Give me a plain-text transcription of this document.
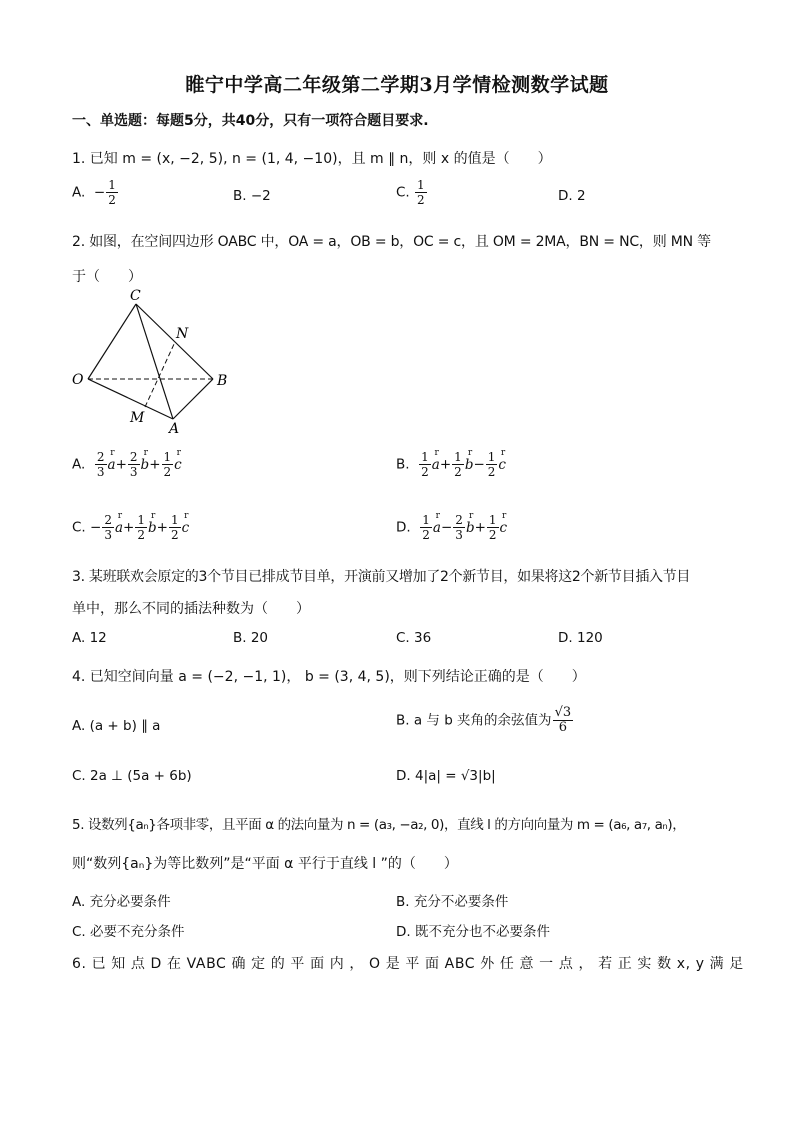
睢宁中学高二年级第二学期3月学情检测数学试题
一、单选题：每题5分，共40分，只有一项符合题目要求.
1. 已知 m = (x, −2, 5), n = (1, 4, −10)，且 m ∥ n，则 x 的值是（　　）
A. − $\frac{1}{2}$	B. −2	C. $\frac{1}{2}$	D. 2
2. 如图，在空间四边形 OABC 中，OA = a，OB = b，OC = c，且 OM = 2MA，BN = NC，则 MN 等
于（　　）
C
N
O	B
M
A
A. $\frac{2}{3}$ r $a+ \frac{2}{3}$ r $b+ \frac{1}{2}$ r c	B. $\frac{1}{2}$ r $a+ \frac{1}{2}$ r $b- \frac{1}{2}$ r c
C. − $\frac{2}{3}$ r $a+ \frac{1}{2}$ r $b+ \frac{1}{2}$ r c	D. $\frac{1}{2}$ r $a- \frac{2}{3}$ r $b+ \frac{1}{2}$ r c
3. 某班联欢会原定的3个节目已排成节目单，开演前又增加了2个新节目，如果将这2个新节目插入节目
单中，那么不同的插法种数为（　　）
A. 12	B. 20	C. 36	D. 120
4. 已知空间向量 a = (−2, −1, 1)， b = (3, 4, 5)，则下列结论正确的是（　　）
A. (a + b) ∥ a	B. a 与 b 夹角的余弦值为 $\frac{√3}{6}$
C. 2a ⊥ (5a + 6b)	D. 4|a| = √3|b|
5. 设数列{aₙ}各项非零，且平面 α 的法向量为 n = (a₃, −a₂, 0)，直线 l 的方向向量为 m = (a₆, a₇, aₙ)，
则“数列{aₙ}为等比数列”是“平面 α 平行于直线 l ”的（　　）
A. 充分必要条件	B. 充分不必要条件
C. 必要不充分条件	D. 既不充分也不必要条件
6. 已 知 点 D 在 VABC 确 定 的 平 面 内 ， O 是 平 面 ABC 外 任 意 一 点 ， 若 正 实 数 x, y 满 足
